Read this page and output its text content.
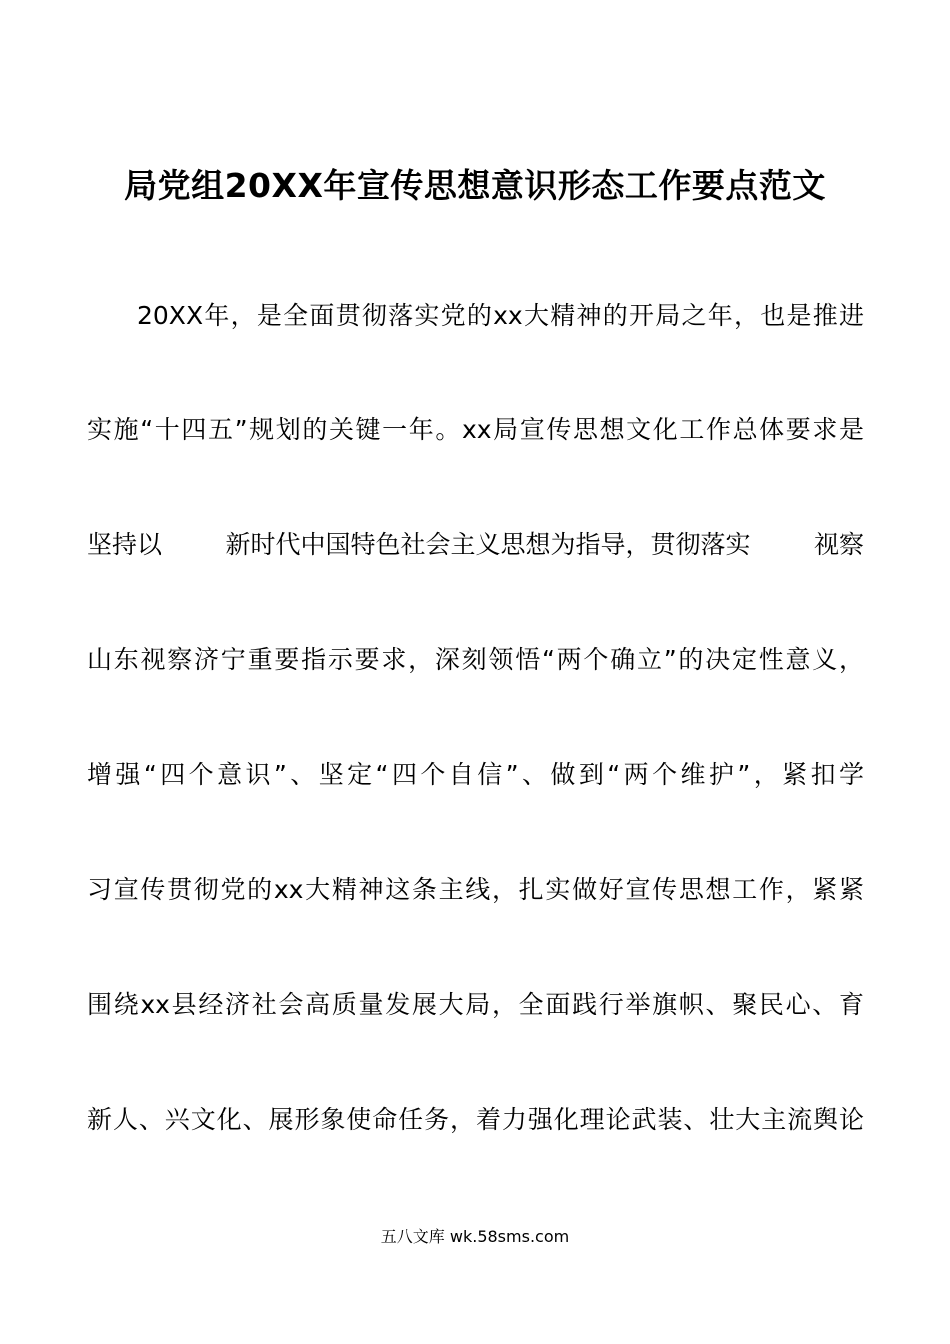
局党组20XX年宣传思想意识形态工作要点范文
20XX年，是全面贯彻落实党的xx大精神的开局之年，也是推进
实施“十四五”规划的关键一年。xx局宣传思想文化工作总体要求是
坚持以	新时代中国特色社会主义思想为指导，贯彻落实	视察
山东视察济宁重要指示要求，深刻领悟“两个确立”的决定性意义，
增强“四个意识”、坚定“四个自信”、做到“两个维护”，紧扣学
习宣传贯彻党的xx大精神这条主线，扎实做好宣传思想工作，紧紧
围绕xx县经济社会高质量发展大局，全面践行举旗帜、聚民心、育
新人、兴文化、展形象使命任务，着力强化理论武装、壮大主流舆论
五八文库 wk.58sms.com
